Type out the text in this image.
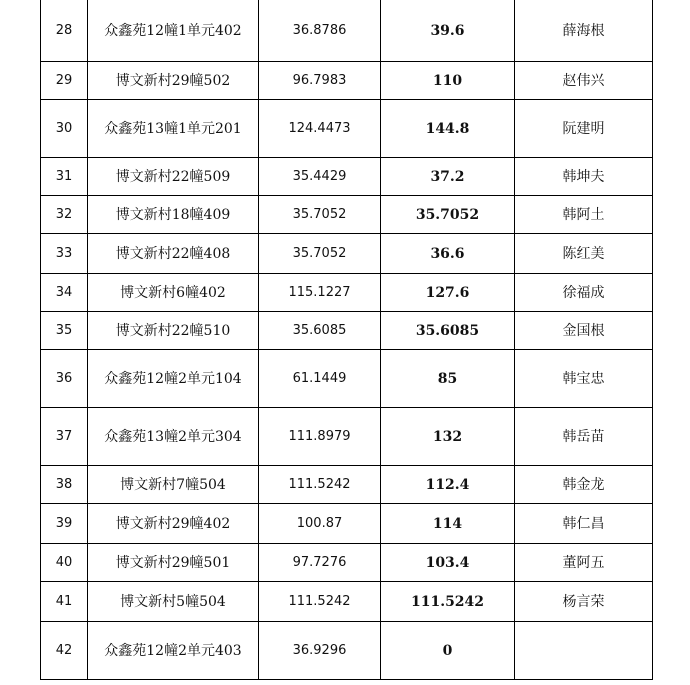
28	众鑫苑12幢1单元402	36.8786	39.6	薛海根
29	博文新村29幢502	96.7983	110	赵伟兴
30	众鑫苑13幢1单元201	124.4473	144.8	阮建明
31	博文新村22幢509	35.4429	37.2	韩坤夫
32	博文新村18幢409	35.7052	35.7052	韩阿土
33	博文新村22幢408	35.7052	36.6	陈红美
34	博文新村6幢402	115.1227	127.6	徐福成
35	博文新村22幢510	35.6085	35.6085	金国根
36	众鑫苑12幢2单元104	61.1449	85	韩宝忠
37	众鑫苑13幢2单元304	111.8979	132	韩岳苗
38	博文新村7幢504	111.5242	112.4	韩金龙
39	博文新村29幢402	100.87	114	韩仁昌
40	博文新村29幢501	97.7276	103.4	董阿五
41	博文新村5幢504	111.5242	111.5242	杨言荣
42	众鑫苑12幢2单元403	36.9296	0	
